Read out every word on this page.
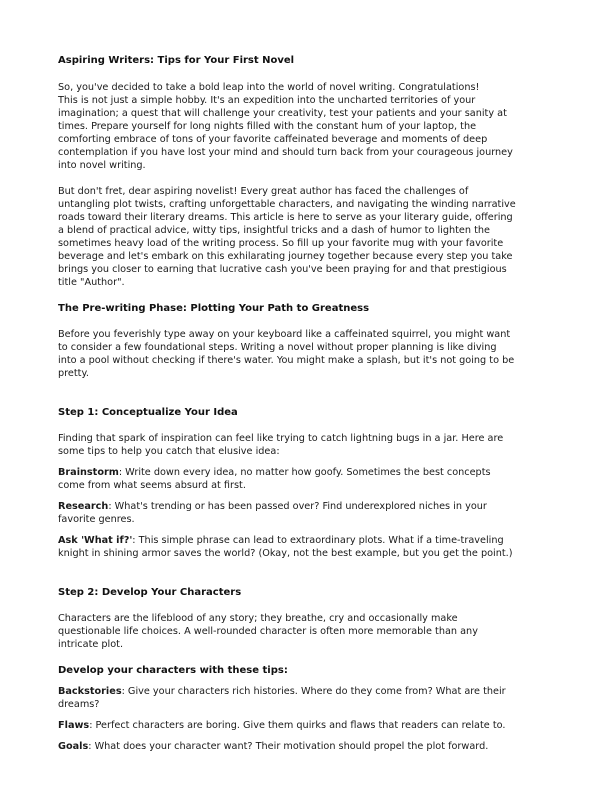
Aspiring Writers: Tips for Your First Novel

So, you've decided to take a bold leap into the world of novel writing. Congratulations!
This is not just a simple hobby. It's an expedition into the uncharted territories of your
imagination; a quest that will challenge your creativity, test your patients and your sanity at
times. Prepare yourself for long nights filled with the constant hum of your laptop, the
comforting embrace of tons of your favorite caffeinated beverage and moments of deep
contemplation if you have lost your mind and should turn back from your courageous journey
into novel writing.

But don't fret, dear aspiring novelist! Every great author has faced the challenges of
untangling plot twists, crafting unforgettable characters, and navigating the winding narrative
roads toward their literary dreams. This article is here to serve as your literary guide, offering
a blend of practical advice, witty tips, insightful tricks and a dash of humor to lighten the
sometimes heavy load of the writing process. So fill up your favorite mug with your favorite
beverage and let's embark on this exhilarating journey together because every step you take
brings you closer to earning that lucrative cash you've been praying for and that prestigious
title "Author".

The Pre-writing Phase: Plotting Your Path to Greatness

Before you feverishly type away on your keyboard like a caffeinated squirrel, you might want
to consider a few foundational steps. Writing a novel without proper planning is like diving
into a pool without checking if there's water. You might make a splash, but it's not going to be
pretty.

Step 1: Conceptualize Your Idea

Finding that spark of inspiration can feel like trying to catch lightning bugs in a jar. Here are
some tips to help you catch that elusive idea:

Brainstorm: Write down every idea, no matter how goofy. Sometimes the best concepts
come from what seems absurd at first.

Research: What's trending or has been passed over? Find underexplored niches in your
favorite genres.

Ask 'What if?': This simple phrase can lead to extraordinary plots. What if a time-traveling
knight in shining armor saves the world? (Okay, not the best example, but you get the point.)

Step 2: Develop Your Characters

Characters are the lifeblood of any story; they breathe, cry and occasionally make
questionable life choices. A well-rounded character is often more memorable than any
intricate plot.

Develop your characters with these tips:

Backstories: Give your characters rich histories. Where do they come from? What are their
dreams?

Flaws: Perfect characters are boring. Give them quirks and flaws that readers can relate to.

Goals: What does your character want? Their motivation should propel the plot forward.
